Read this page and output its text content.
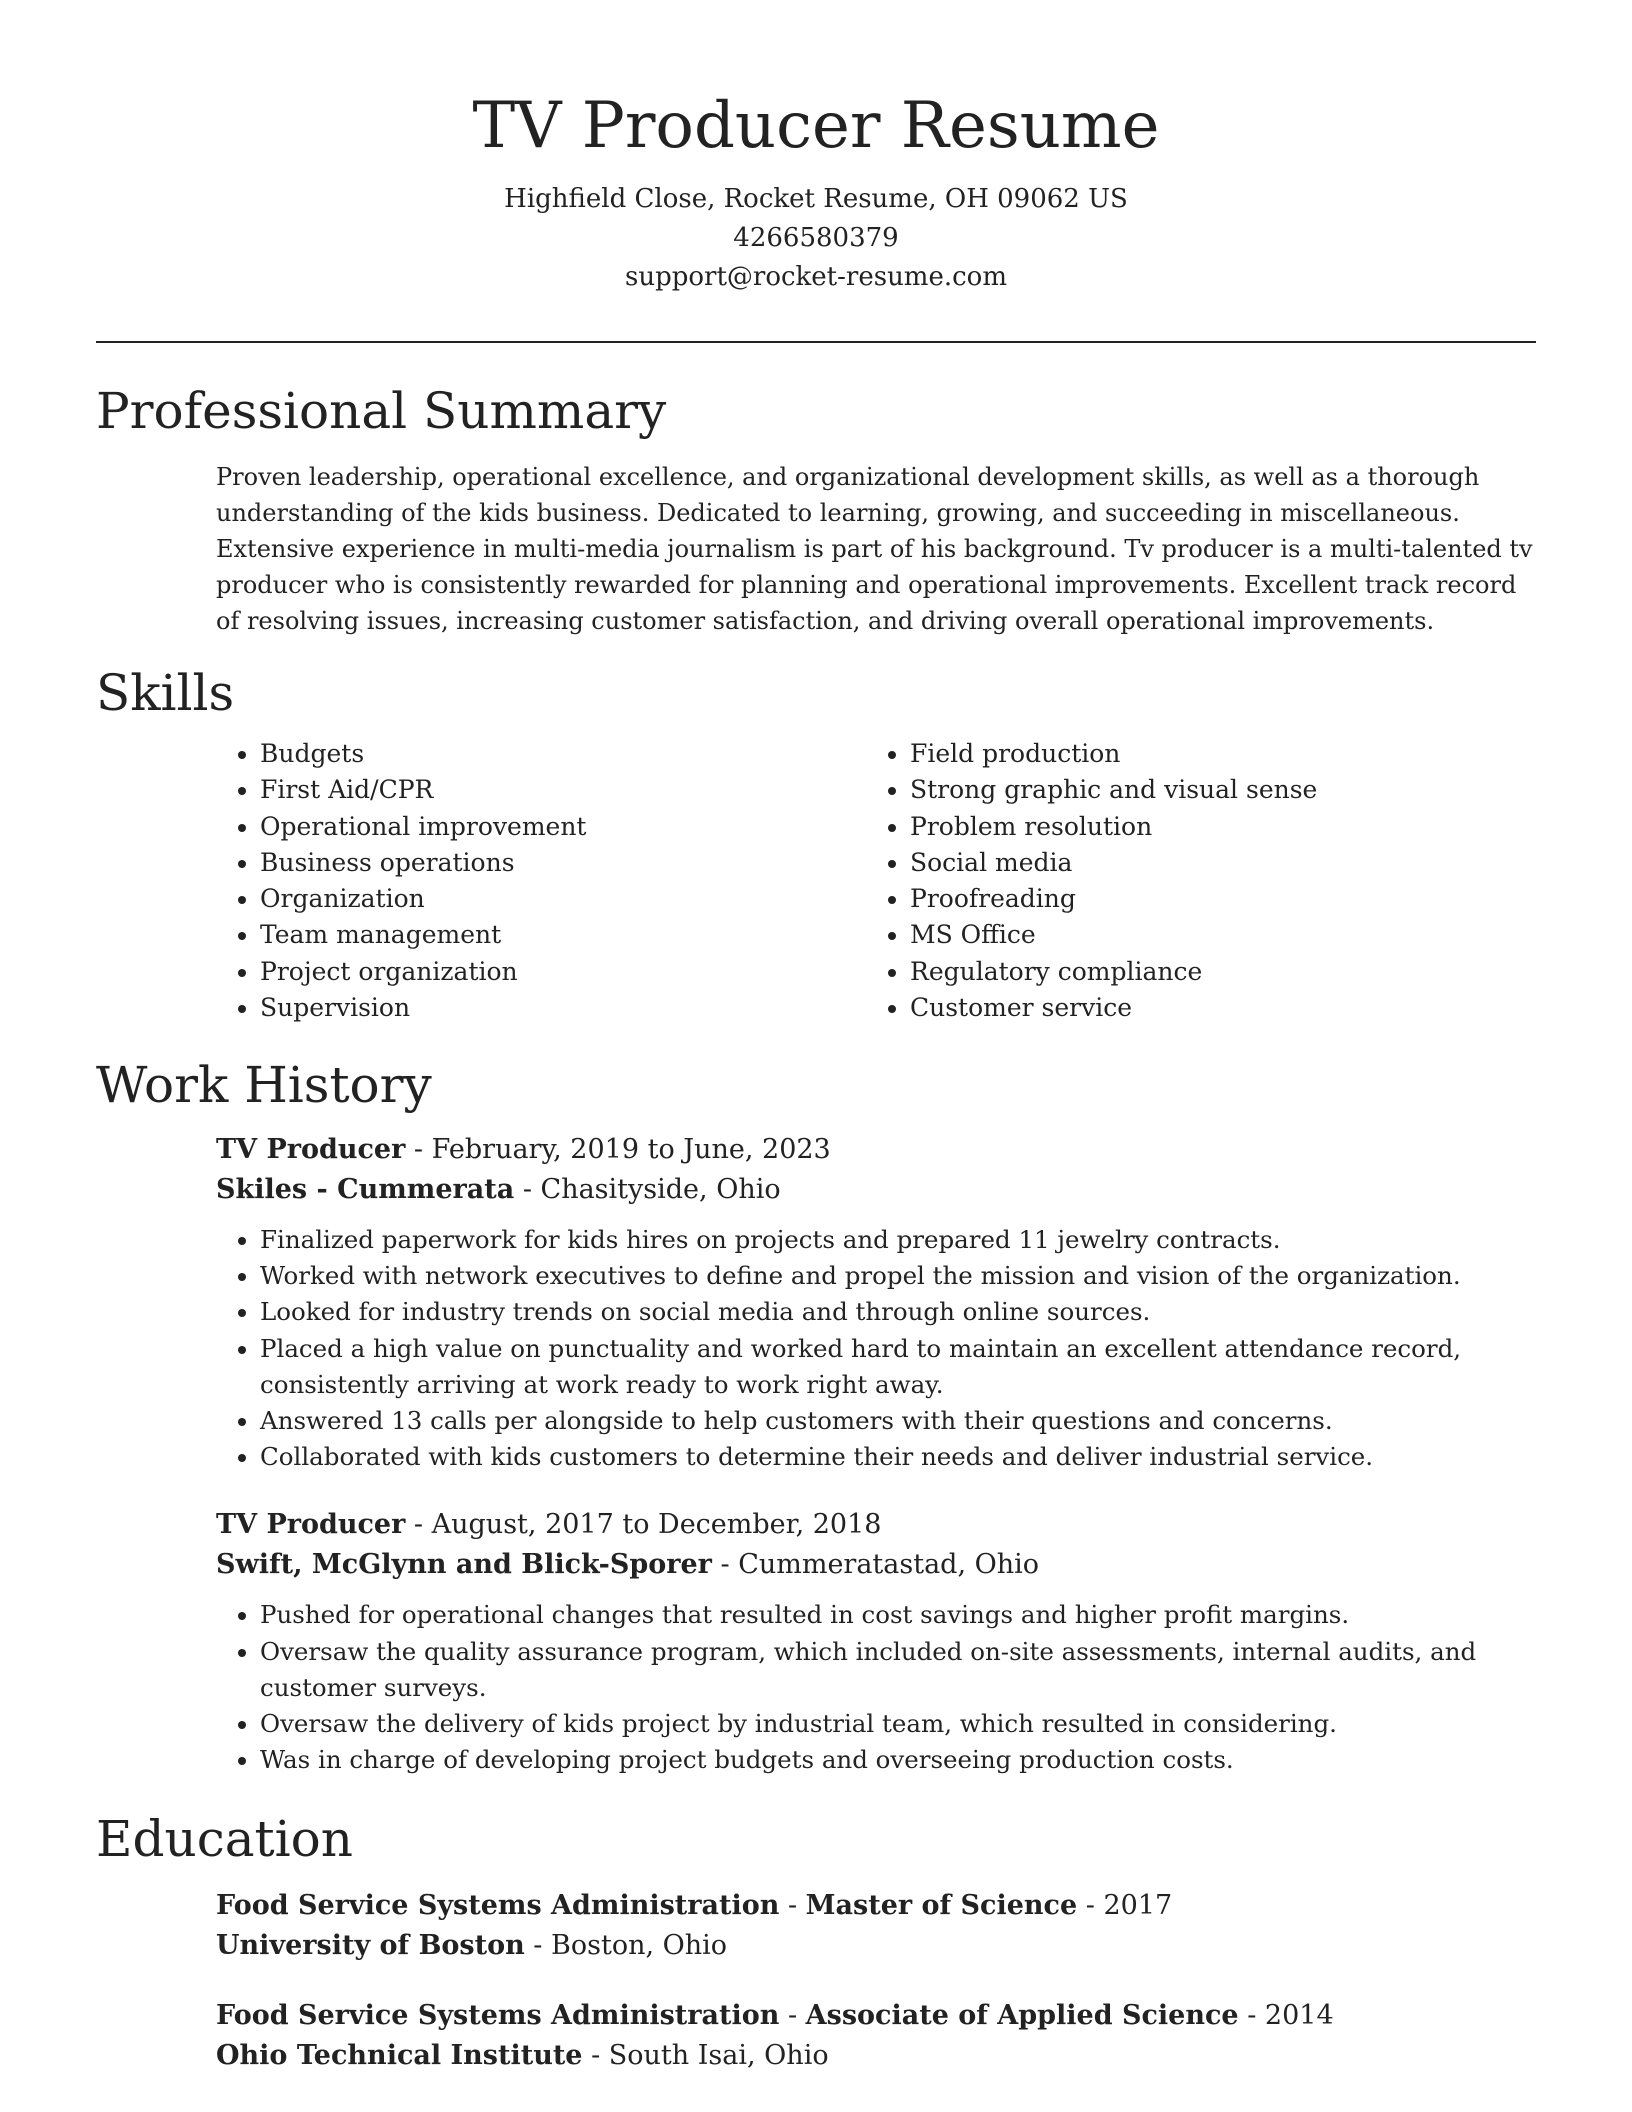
TV Producer Resume
Highfield Close, Rocket Resume, OH 09062 US
4266580379
support@rocket-resume.com
Professional Summary

Proven leadership, operational excellence, and organizational development skills, as well as a thorough understanding of the kids business. Dedicated to learning, growing, and succeeding in miscellaneous. Extensive experience in multi-media journalism is part of his background. Tv producer is a multi-talented tv producer who is consistently rewarded for planning and operational improvements. Excellent track record of resolving issues, increasing customer satisfaction, and driving overall operational improvements.

Skills
• Budgets
• First Aid/CPR
• Operational improvement
• Business operations
• Organization
• Team management
• Project organization
• Supervision
• Field production
• Strong graphic and visual sense
• Problem resolution
• Social media
• Proofreading
• MS Office
• Regulatory compliance
• Customer service
Work History
TV Producer - February, 2019 to June, 2023
Skiles - Cummerata - Chasityside, Ohio
• Finalized paperwork for kids hires on projects and prepared 11 jewelry contracts.
• Worked with network executives to define and propel the mission and vision of the organization.
• Looked for industry trends on social media and through online sources.
• Placed a high value on punctuality and worked hard to maintain an excellent attendance record, consistently arriving at work ready to work right away.
• Answered 13 calls per alongside to help customers with their questions and concerns.
• Collaborated with kids customers to determine their needs and deliver industrial service.
TV Producer - August, 2017 to December, 2018
Swift, McGlynn and Blick-Sporer - Cummeratastad, Ohio
• Pushed for operational changes that resulted in cost savings and higher profit margins.
• Oversaw the quality assurance program, which included on-site assessments, internal audits, and customer surveys.
• Oversaw the delivery of kids project by industrial team, which resulted in considering.
• Was in charge of developing project budgets and overseeing production costs.
Education
Food Service Systems Administration - Master of Science - 2017
University of Boston - Boston, Ohio
Food Service Systems Administration - Associate of Applied Science - 2014
Ohio Technical Institute - South Isai, Ohio
